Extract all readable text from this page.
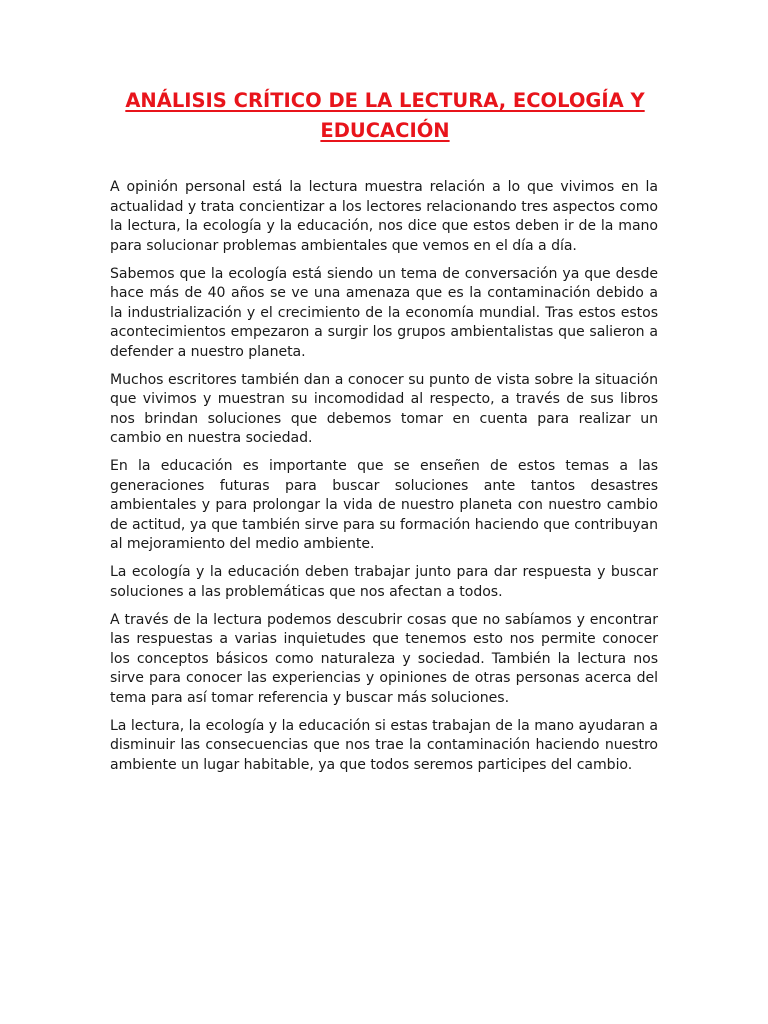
ANÁLISIS CRÍTICO DE LA LECTURA, ECOLOGÍA Y EDUCACIÓN

A opinión personal está la lectura muestra relación a lo que vivimos en la actualidad y trata concientizar a los lectores relacionando tres aspectos como la lectura, la ecología y la educación, nos dice que estos deben ir de la mano para solucionar problemas ambientales que vemos en el día a día.

Sabemos que la ecología está siendo un tema de conversación ya que desde hace más de 40 años se ve una amenaza que es la contaminación debido a la industrialización y el crecimiento de la economía mundial. Tras estos estos acontecimientos empezaron a surgir los grupos ambientalistas que salieron a defender a nuestro planeta.

Muchos escritores también dan a conocer su punto de vista sobre la situación que vivimos y muestran su incomodidad al respecto, a través de sus libros nos brindan soluciones que debemos tomar en cuenta para realizar un cambio en nuestra sociedad.

En la educación es importante que se enseñen de estos temas a las generaciones futuras para buscar soluciones ante tantos desastres ambientales y para prolongar la vida de nuestro planeta con nuestro cambio de actitud, ya que también sirve para su formación haciendo que contribuyan al mejoramiento del medio ambiente.

La ecología y la educación deben trabajar junto para dar respuesta y buscar soluciones a las problemáticas que nos afectan a todos.

A través de la lectura podemos descubrir cosas que no sabíamos y encontrar las respuestas a varias inquietudes que tenemos esto nos permite conocer los conceptos básicos como naturaleza y sociedad. También la lectura nos sirve para conocer las experiencias y opiniones de otras personas acerca del tema para así tomar referencia y buscar más soluciones.

La lectura, la ecología y la educación si estas trabajan de la mano ayudaran a disminuir las consecuencias que nos trae la contaminación haciendo nuestro ambiente un lugar habitable, ya que todos seremos participes del cambio.
